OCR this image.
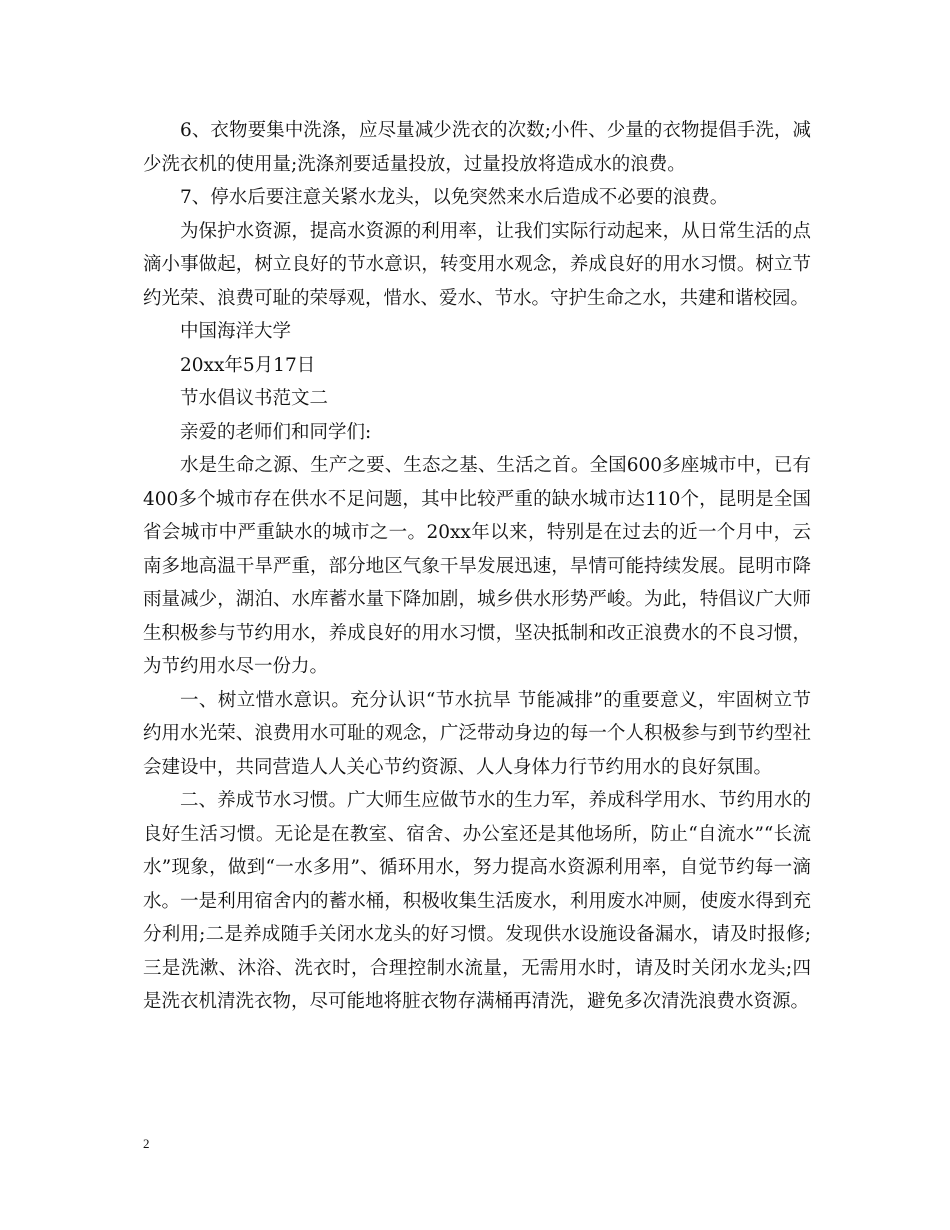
6、衣物要集中洗涤，应尽量减少洗衣的次数;小件、少量的衣物提倡手洗，减少洗衣机的使用量;洗涤剂要适量投放，过量投放将造成水的浪费。

7、停水后要注意关紧水龙头，以免突然来水后造成不必要的浪费。

为保护水资源，提高水资源的利用率，让我们实际行动起来，从日常生活的点滴小事做起，树立良好的节水意识，转变用水观念，养成良好的用水习惯。树立节约光荣、浪费可耻的荣辱观，惜水、爱水、节水。守护生命之水，共建和谐校园。

中国海洋大学

20xx年5月17日

节水倡议书范文二

亲爱的老师们和同学们:

水是生命之源、生产之要、生态之基、生活之首。全国600多座城市中，已有400多个城市存在供水不足问题，其中比较严重的缺水城市达110个，昆明是全国省会城市中严重缺水的城市之一。20xx年以来，特别是在过去的近一个月中，云南多地高温干旱严重，部分地区气象干旱发展迅速，旱情可能持续发展。昆明市降雨量减少，湖泊、水库蓄水量下降加剧，城乡供水形势严峻。为此，特倡议广大师生积极参与节约用水，养成良好的用水习惯，坚决抵制和改正浪费水的不良习惯，为节约用水尽一份力。

一、树立惜水意识。充分认识“节水抗旱 节能减排”的重要意义，牢固树立节约用水光荣、浪费用水可耻的观念，广泛带动身边的每一个人积极参与到节约型社会建设中，共同营造人人关心节约资源、人人身体力行节约用水的良好氛围。

二、养成节水习惯。广大师生应做节水的生力军，养成科学用水、节约用水的良好生活习惯。无论是在教室、宿舍、办公室还是其他场所，防止“自流水”“长流水”现象，做到“一水多用”、循环用水，努力提高水资源利用率，自觉节约每一滴水。一是利用宿舍内的蓄水桶，积极收集生活废水，利用废水冲厕，使废水得到充分利用;二是养成随手关闭水龙头的好习惯。发现供水设施设备漏水，请及时报修;三是洗漱、沐浴、洗衣时，合理控制水流量，无需用水时，请及时关闭水龙头;四是洗衣机清洗衣物，尽可能地将脏衣物存满桶再清洗，避免多次清洗浪费水资源。

2
